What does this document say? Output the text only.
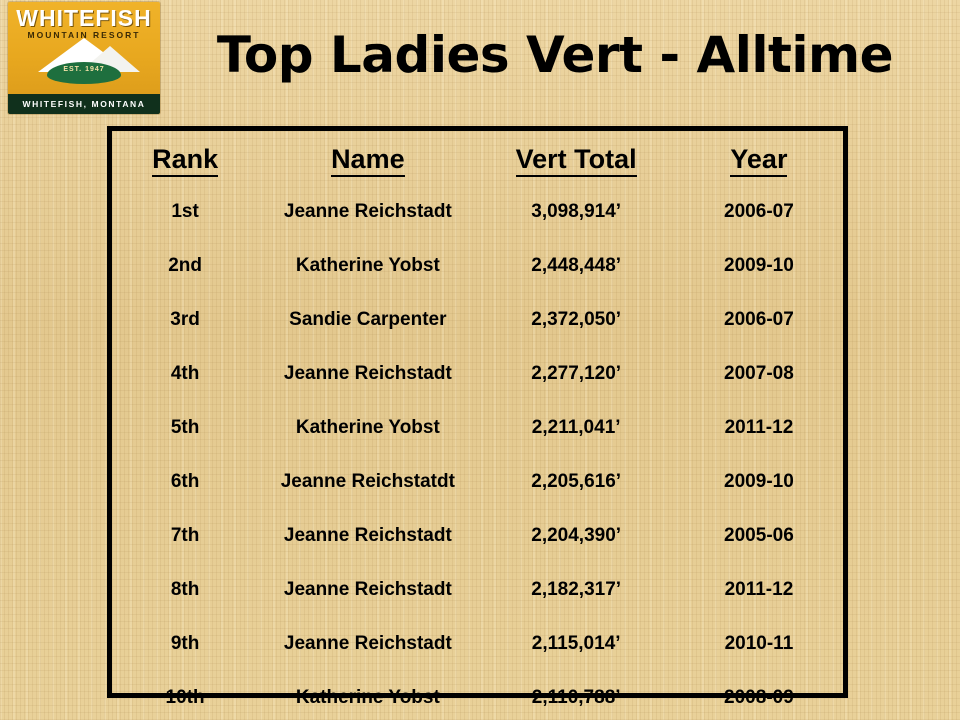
WHITEFISH
MOUNTAIN RESORT
EST. 1947
WHITEFISH, MONTANA
Top Ladies Vert - Alltime
Rank	Name	Vert Total	Year
1st	Jeanne Reichstadt	3,098,914’	2006-07
2nd	Katherine Yobst	2,448,448’	2009-10
3rd	Sandie Carpenter	2,372,050’	2006-07
4th	Jeanne Reichstadt	2,277,120’	2007-08
5th	Katherine Yobst	2,211,041’	2011-12
6th	Jeanne Reichstatdt	2,205,616’	2009-10
7th	Jeanne Reichstadt	2,204,390’	2005-06
8th	Jeanne Reichstadt	2,182,317’	2011-12
9th	Jeanne Reichstadt	2,115,014’	2010-11
10th	Katherine Yobst	2,110,788’	2008-09
